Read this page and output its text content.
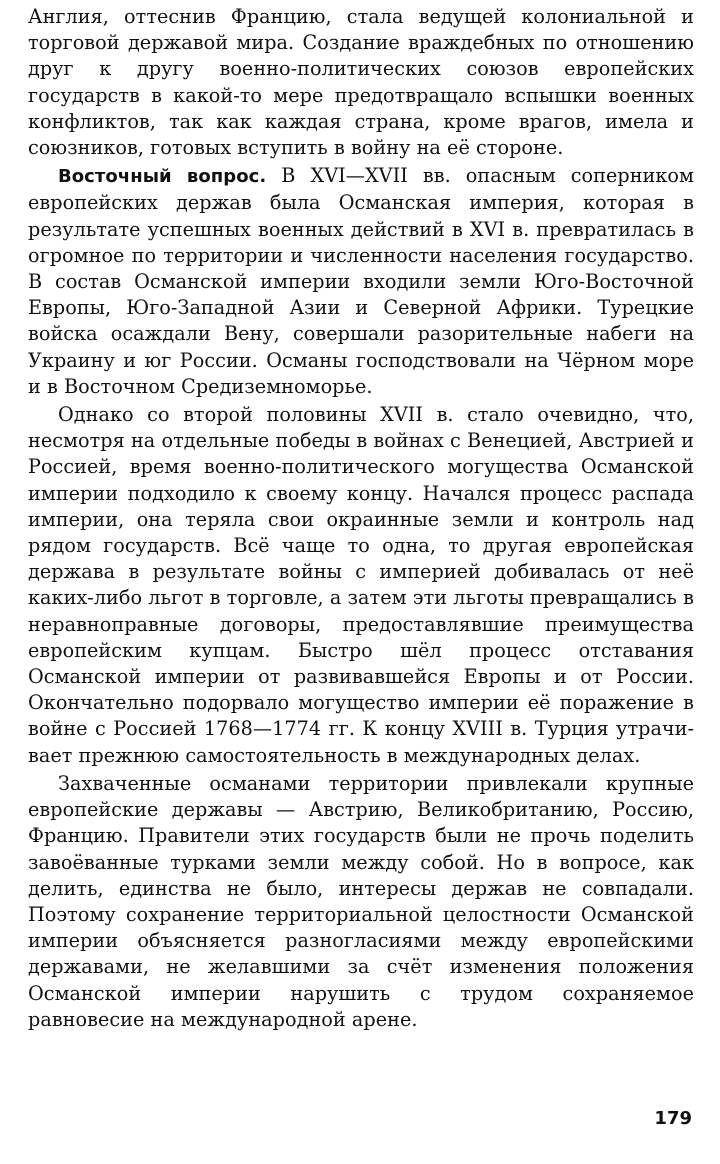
Англия, оттеснив Францию, стала ведущей колониальной и торговой державой мира. Создание враждебных по отношению друг к другу военно-политических союзов европейских государств в какой-то мере предотвращало вспышки военных конфликтов, так как каждая страна, кроме врагов, имела и союзников, готовых вступить в войну на её стороне.

Восточный вопрос. В XVI—XVII вв. опасным соперником европейских держав была Османская империя, которая в результате успешных военных действий в XVI в. превратилась в огромное по территории и численности населения государство. В состав Османской империи входили земли Юго-Восточной Европы, Юго-Западной Азии и Северной Африки. Турецкие войска осаждали Вену, совершали разорительные набеги на Украину и юг России. Османы господствовали на Чёрном море и в Восточном Средиземноморье.

Однако со второй половины XVII в. стало очевидно, что, несмотря на отдельные победы в войнах с Венецией, Австрией и Россией, время военно-политического могущества Османской империи подходило к своему концу. Начался процесс распада империи, она теряла свои окраинные земли и контроль над рядом государств. Всё чаще то одна, то другая европейская держава в результате войны с империей добивалась от неё каких-либо льгот в торговле, а затем эти льготы превращались в неравноправные договоры, предоставлявшие преимущества европейским купцам. Быстро шёл процесс отставания Османской империи от развивавшейся Европы и от России. Окончательно подорвало могущество империи её поражение в войне с Россией 1768—1774 гг. К концу XVIII в. Турция утрачивает прежнюю самостоятельность в международных делах.

Захваченные османами территории привлекали крупные европейские державы — Австрию, Великобританию, Россию, Францию. Правители этих государств были не прочь поделить завоёванные турками земли между собой. Но в вопросе, как делить, единства не было, интересы держав не совпадали. Поэтому сохранение территориальной целостности Османской империи объясняется разногласиями между европейскими державами, не желавшими за счёт изменения положения Османской империи нарушить с трудом сохраняемое равновесие на международной арене.

179
